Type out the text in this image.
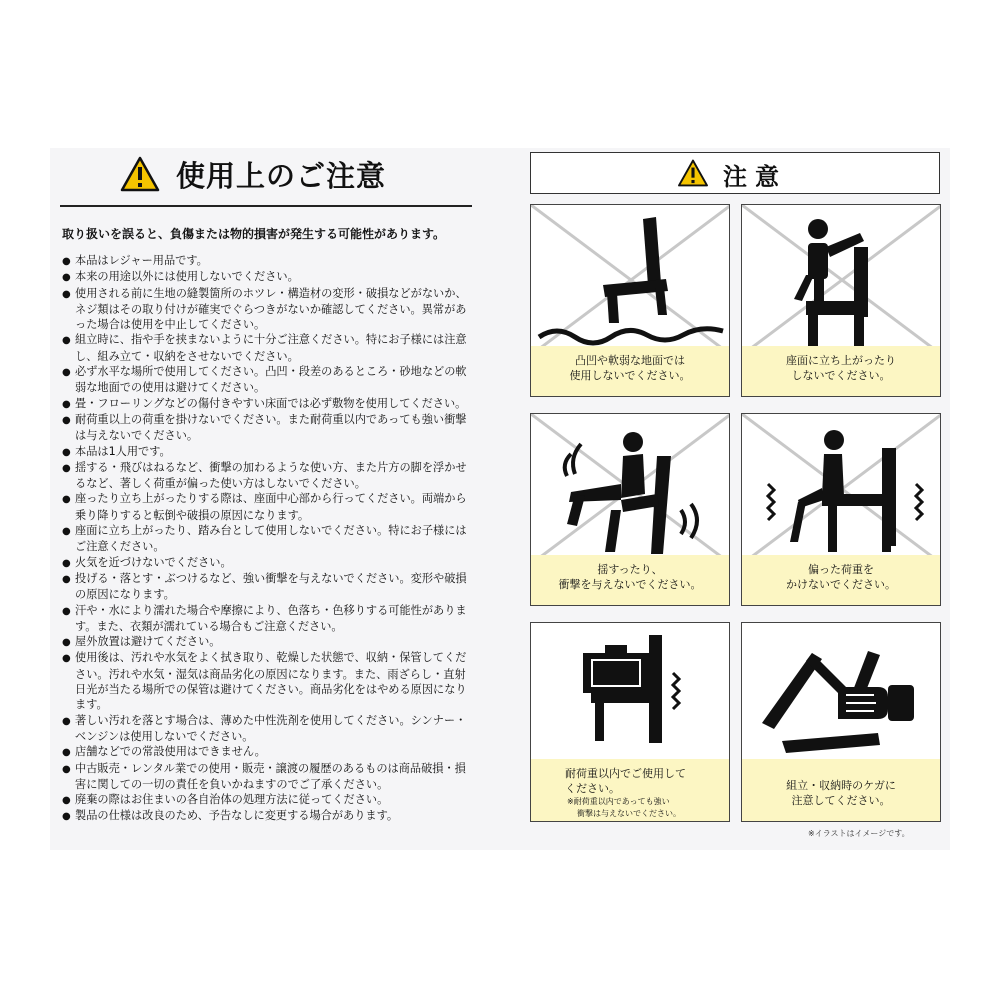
使用上のご注意
取り扱いを誤ると、負傷または物的損害が発生する可能性があります。
● 本品はレジャー用品です。
● 本来の用途以外には使用しないでください。
● 使用される前に生地の縫製箇所のホツレ・構造材の変形・破損などがないか、ネジ類はその取り付けが確実でぐらつきがないか確認してください。異常があった場合は使用を中止してください。
● 組立時に、指や手を挟まないように十分ご注意ください。特にお子様には注意し、組み立て・収納をさせないでください。
● 必ず水平な場所で使用してください。凸凹・段差のあるところ・砂地などの軟弱な地面での使用は避けてください。
● 畳・フローリングなどの傷付きやすい床面では必ず敷物を使用してください。
● 耐荷重以上の荷重を掛けないでください。また耐荷重以内であっても強い衝撃は与えないでください。
● 本品は1人用です。
● 揺する・飛びはねるなど、衝撃の加わるような使い方、また片方の脚を浮かせるなど、著しく荷重が偏った使い方はしないでください。
● 座ったり立ち上がったりする際は、座面中心部から行ってください。両端から乗り降りすると転倒や破損の原因になります。
● 座面に立ち上がったり、踏み台として使用しないでください。特にお子様にはご注意ください。
● 火気を近づけないでください。
● 投げる・落とす・ぶつけるなど、強い衝撃を与えないでください。変形や破損の原因になります。
● 汗や・水により濡れた場合や摩擦により、色落ち・色移りする可能性があります。また、衣類が濡れている場合もご注意ください。
● 屋外放置は避けてください。
● 使用後は、汚れや水気をよく拭き取り、乾燥した状態で、収納・保管してください。汚れや水気・湿気は商品劣化の原因になります。また、雨ざらし・直射日光が当たる場所での保管は避けてください。商品劣化をはやめる原因になります。
● 著しい汚れを落とす場合は、薄めた中性洗剤を使用してください。シンナー・ベンジンは使用しないでください。
● 店舗などでの常設使用はできません。
● 中古販売・レンタル業での使用・販売・譲渡の履歴のあるものは商品破損・損害に関しての一切の責任を負いかねますのでご了承ください。
● 廃棄の際はお住まいの各自治体の処理方法に従ってください。
● 製品の仕様は改良のため、予告なしに変更する場合があります。
注意
凸凹や軟弱な地面では
使用しないでください。
座面に立ち上がったり
しないでください。
揺すったり、
衝撃を与えないでください。
偏った荷重を
かけないでください。
耐荷重以内でご使用して
ください。
※耐荷重以内であっても強い
衝撃は与えないでください。
組立・収納時のケガに
注意してください。
※イラストはイメージです。
